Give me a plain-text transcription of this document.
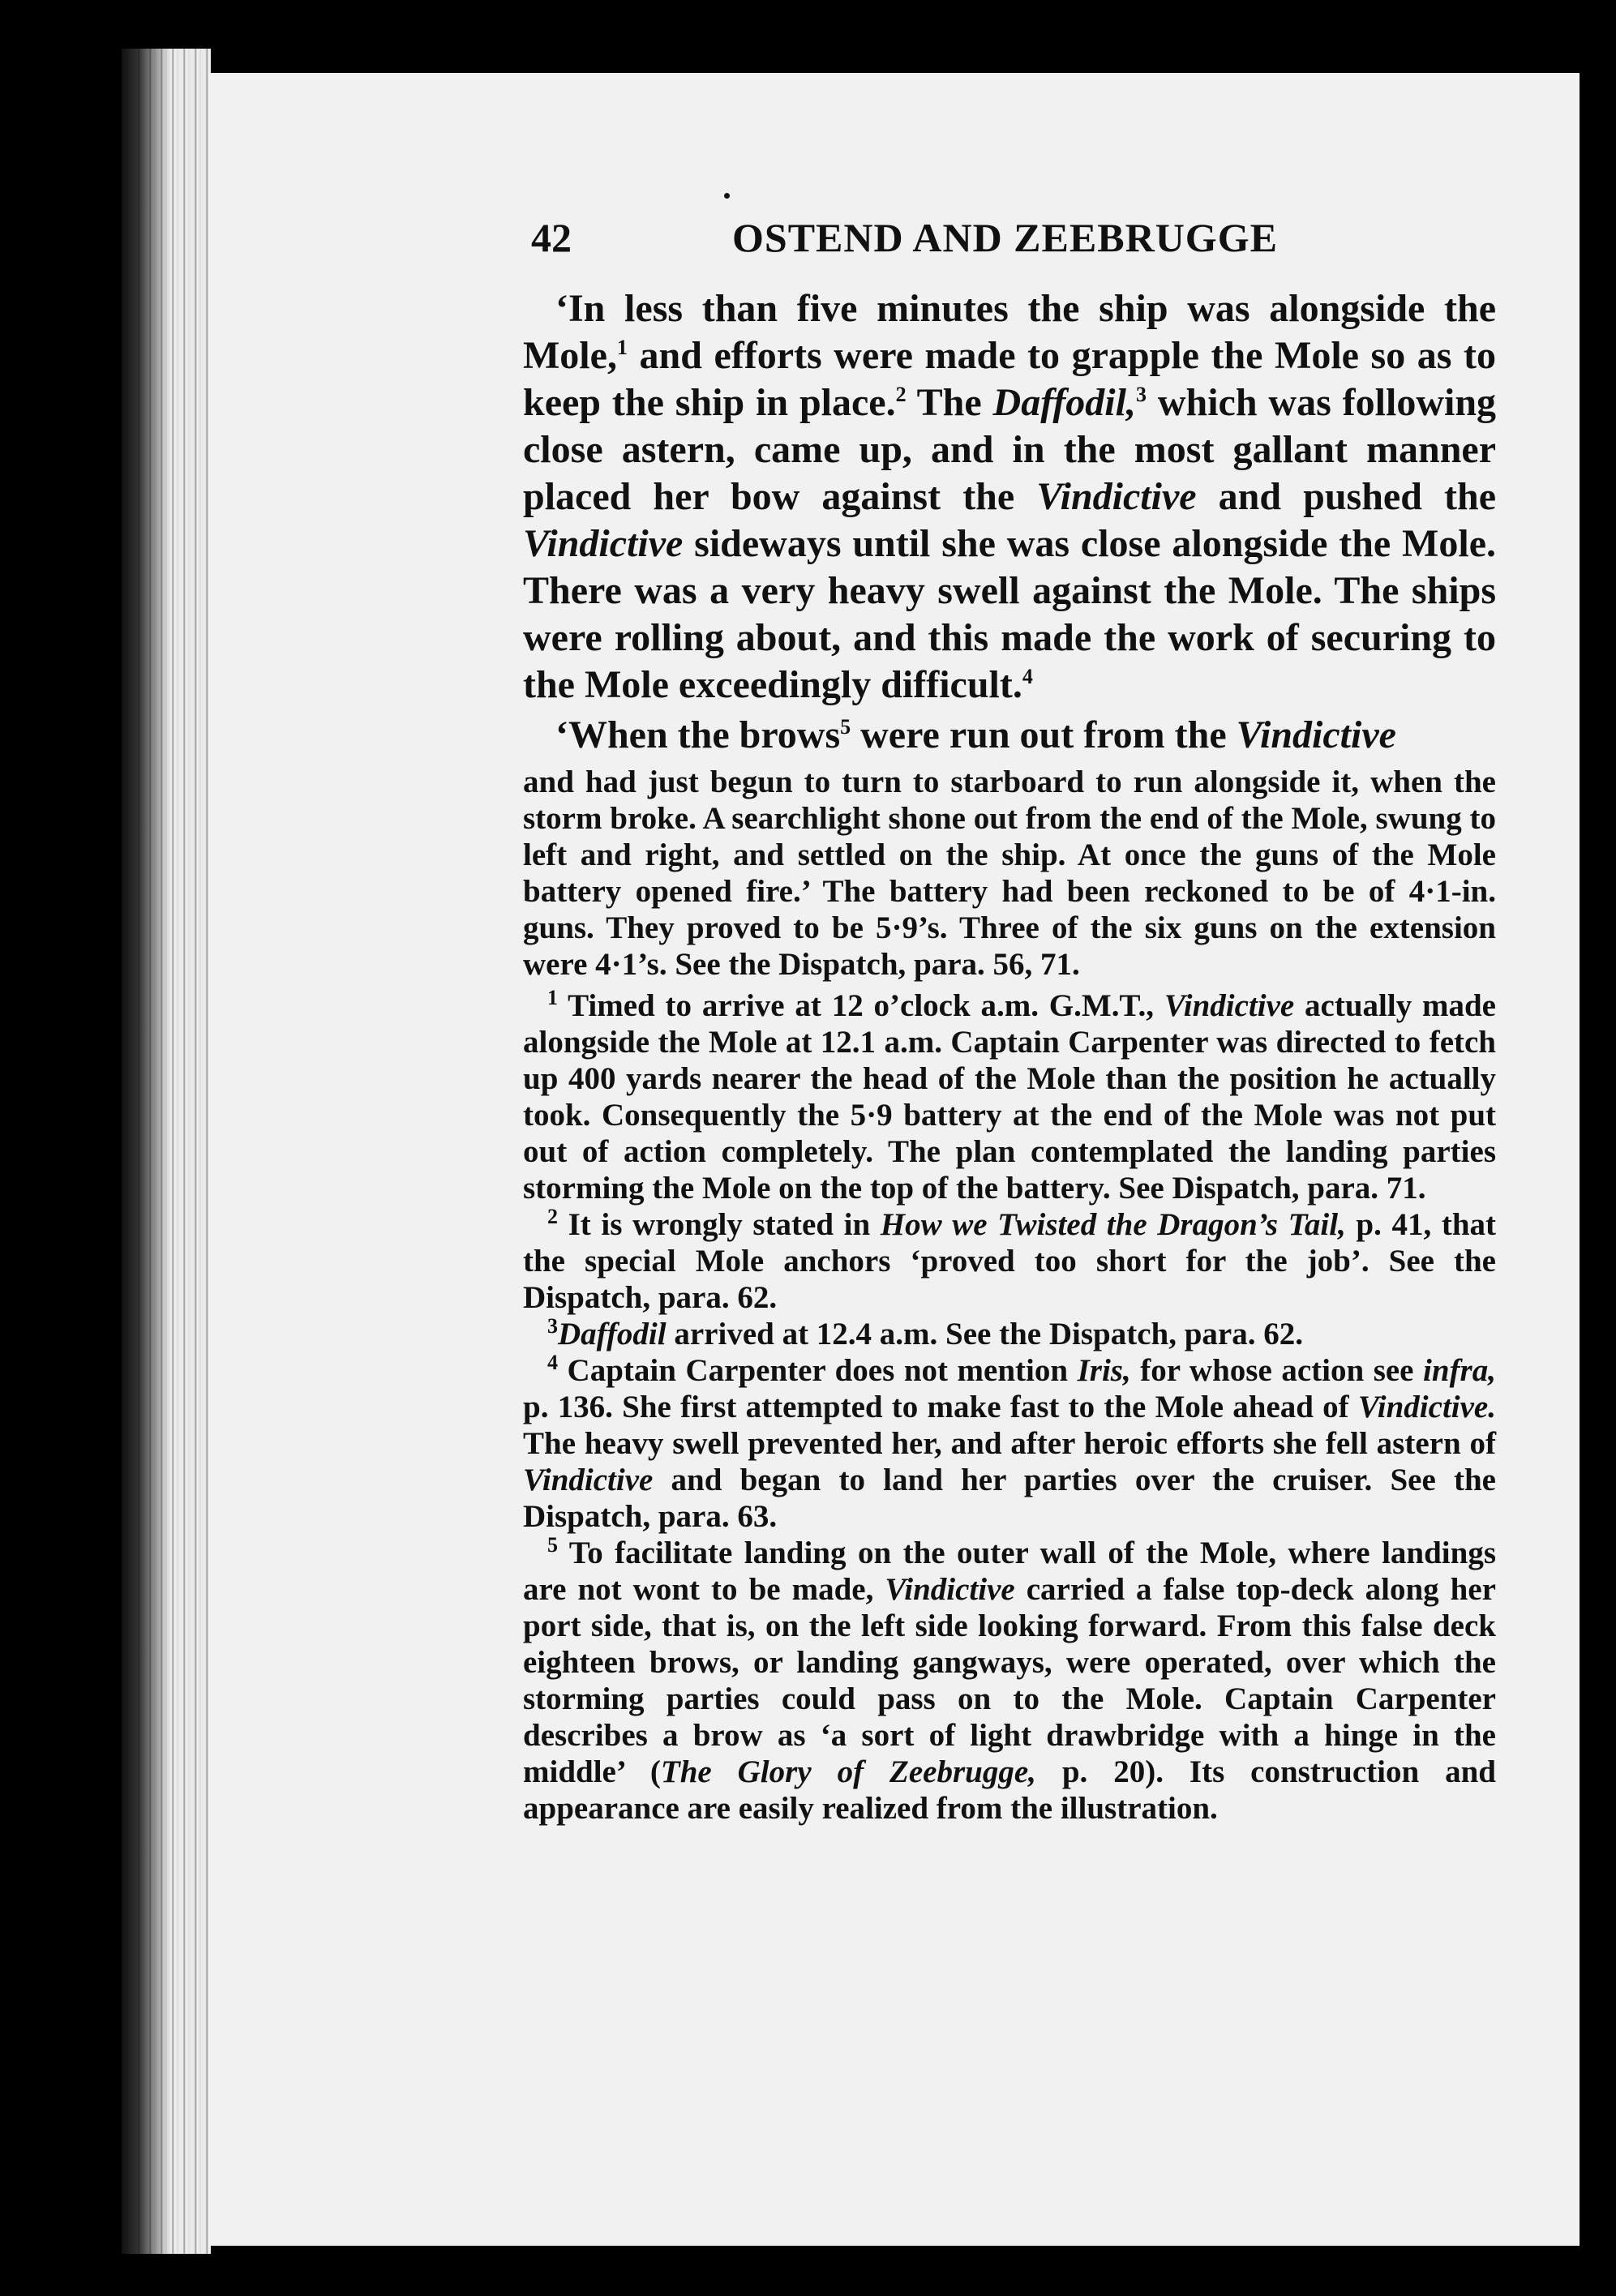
42	OSTEND AND ZEEBRUGGE

‘In less than five minutes the ship was alongside the Mole,$^1$ and efforts were made to grapple the Mole so as to keep the ship in place.$^2$ The Daffodil,$^3$ which was following close astern, came up, and in the most gallant manner placed her bow against the Vindictive and pushed the Vindictive sideways until she was close alongside the Mole. There was a very heavy swell against the Mole. The ships were rolling about, and this made the work of securing to the Mole exceedingly difficult.$^4$

‘When the brows$^5$ were run out from the Vindictive

and had just begun to turn to starboard to run alongside it, when the storm broke. A searchlight shone out from the end of the Mole, swung to left and right, and settled on the ship. At once the guns of the Mole battery opened fire.’ The battery had been reckoned to be of 4·1-in. guns. They proved to be 5·9’s. Three of the six guns on the extension were 4·1’s. See the Dispatch, para. 56, 71.

$^1$ Timed to arrive at 12 o’clock a.m. G.M.T., Vindictive actually made alongside the Mole at 12.1 a.m. Captain Carpenter was directed to fetch up 400 yards nearer the head of the Mole than the position he actually took. Consequently the 5·9 battery at the end of the Mole was not put out of action completely. The plan contemplated the landing parties storming the Mole on the top of the battery. See Dispatch, para. 71.

$^2$ It is wrongly stated in How we Twisted the Dragon’s Tail, p. 41, that the special Mole anchors ‘proved too short for the job’. See the Dispatch, para. 62.

$^3$Daffodil arrived at 12.4 a.m. See the Dispatch, para. 62.

$^4$ Captain Carpenter does not mention Iris, for whose action see infra, p. 136. She first attempted to make fast to the Mole ahead of Vindictive. The heavy swell prevented her, and after heroic efforts she fell astern of Vindictive and began to land her parties over the cruiser. See the Dispatch, para. 63.

$^5$ To facilitate landing on the outer wall of the Mole, where landings are not wont to be made, Vindictive carried a false top-deck along her port side, that is, on the left side looking forward. From this false deck eighteen brows, or landing gangways, were operated, over which the storming parties could pass on to the Mole. Captain Carpenter describes a brow as ‘a sort of light drawbridge with a hinge in the middle’ (The Glory of Zeebrugge, p. 20). Its construction and appearance are easily realized from the illustration.
